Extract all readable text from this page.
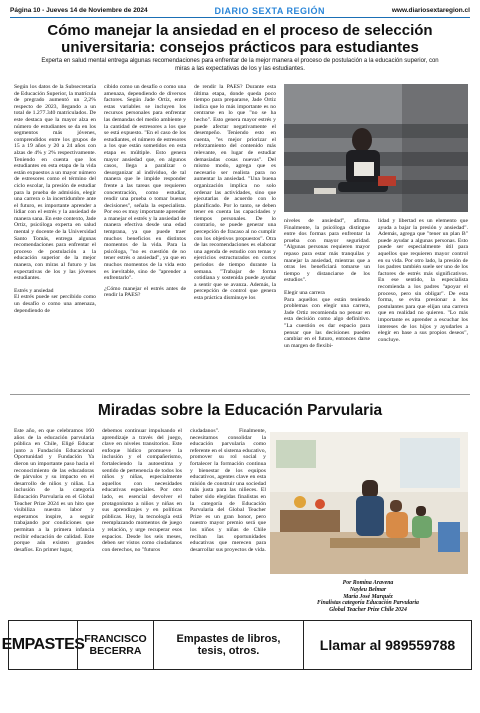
Página 10 - Jueves 14 de Noviembre de 2024	DIARIO SEXTA REGIÓN	www.diariosextaregion.cl
Cómo manejar la ansiedad en el proceso de selección universitaria: consejos prácticos para estudiantes
Experta en salud mental entrega algunas recomendaciones para enfrentar de la mejor manera el proceso de postulación a la educación superior, con miras a las expectativas de los y las estudiantes.

Según los datos de la Subsecretaría de Educación Superior, la matrícula de pregrado aumentó un 2,2% respecto de 2023, llegando a un total de 1.277.340 matriculados. De este destaca que la mayor alza en número de estudiantes se da en los segmentos más jóvenes, comprendidos entre los grupos de 15 a 19 años y 20 a 24 años con alzas de 4% y 2% respectivamente. Teniendo en cuenta que los estudiantes en esta etapa de la vida están expuestos a un mayor número de estresores como el término del ciclo escolar, la presión de estudiar para la prueba de admisión, elegir una carrera o la incertidumbre ante el futuro, es importante aprender a lidiar con el estrés y la ansiedad de manera sana. En este contexto, Jade Ortiz, psicóloga experta en salud mental y docente de la Universidad Santo Tomás, entrega algunas recomendaciones para enfrentar el proceso de postulación a la educación superior de la mejor manera, con miras al futuro y las expectativas de los y las jóvenes estudiantes.

Estrés y ansiedad

El estrés puede ser percibido como un desafío o como una amenaza, dependiendo de

cibido como un desafío o como una amenaza, dependiendo de diversos factores. Según Jade Ortiz, entre estas variables se incluyen los recursos personales para enfrentar las demandas del medio ambiente y la cantidad de estresores a los que se está expuesto. "En el caso de los estudiantes, el número de estresores a los que están sometidos en esta etapa es múltiple. Esto genera mayor ansiedad que, en algunos casos, llega a paralizar o desorganizar al individuo, de tal manera que le impide responder frente a las tareas que requieren concentración, como estudiar, rendir una prueba o tomar buenas decisiones", señala la especialista. Por eso es muy importante aprender a manejar el estrés y la ansiedad de manera efectiva desde una edad temprana, ya que puede traer muchos beneficios en distintos momentos de la vida. Para la psicóloga, "no es cuestión de no tener estrés o ansiedad", ya que en muchos momentos de la vida esto es inevitable, sino de "aprender a enfrentarlo".

¿Cómo manejar el estrés antes de rendir la PAES?

de rendir la PAES? Durante esta última etapa, donde queda poco tiempo para prepararse, Jade Ortiz indica que lo más importante es no centrarse en lo que "no se ha hecho". Esto genera mayor estrés y puede afectar negativamente el desempeño. Teniendo esto en cuenta, "es mejor priorizar el reforzamiento del contenido más relevante, en lugar de estudiar demasiadas cosas nuevas". Del mismo modo, agrega que es necesario ser realista para no aumentar la ansiedad. "Una buena organización implica no solo ordenar las actividades, sino que ejecutarlas de acuerdo con lo planificado. Por lo tanto, se deben tener en cuenta las capacidades y tiempos personales. De lo contrario, se puede generar una percepción de fracaso al no cumplir con los objetivos propuestos". Otra de las recomendaciones es elaborar una agenda de estudio con temas y ejercicios estructurados en cortos periodos de tiempo durante la semana. "Trabajar de forma cotidiana y sostenida puede ayudar a sentir que se avanza. Además, la percepción de control que genera esta práctica disminuye los

niveles de ansiedad", afirma. Finalmente, la psicóloga distingue entre dos formas para enfrentar la prueba con mayor seguridad. "Algunas personas requieren mayor repaso para estar más tranquilas y manejar la ansiedad, mientras que a otras les beneficiará tomarse un tiempo y distanciarse de los estudios".

Elegir una carrera

Para aquellos que están teniendo problemas con elegir una carrera, Jade Ortiz recomienda no pensar en esta decisión como algo definitivo. "La cuestión es dar espacio para pensar que las decisiones pueden cambiar en el futuro, entonces darse un margen de flexibi-

lidad y libertad es un elemento que ayuda a bajar la presión y ansiedad". Además, agrega que "tener un plan B" puede ayudar a algunas personas. Esto puede ser especialmente útil para aquellos que requieren mayor control en su vida. Por otro lado, la presión de los padres también suele ser uno de los factores de estrés más significativos. En ese sentido, la especialista recomienda a los padres "apoyar el proceso, pero sin obligar". De esta forma, se evita presionar a los postulantes para que elijan una carrera que en realidad no quieren. "Lo más importante es aprender a escuchar los intereses de los hijos y ayudarles a elegir en base a sus propios deseos", concluye.

Miradas sobre la Educación Parvularia

Este año, en que celebramos 160 años de la educación parvularia pública en Chile, Eligé Educar junto a Fundación Educacional Oportunidad y Fundación Ya dieron un importante paso hacia el reconocimiento de las educadoras de párvulos y su impacto en el desarrollo de niños y niñas. La inclusión de la categoría Educación Parvularia en el Global Teacher Prize 2024 es un hito que visibiliza nuestra labor y esperamos inspire, a seguir trabajando por condiciones que permitan a la primera infancia recibir educación de calidad. Este porque aún existen grandes desafíos. En primer lugar,

debemos continuar impulsando el aprendizaje a través del juego, clave en niveles transitorios. Este enfoque lúdico promueve la inclusión y el compañerismo, fortaleciendo la autoestima y sentido de pertenencia de todos los niños y niñas, especialmente aquellos con necesidades educativas especiales. Por otro lado, es esencial devolver el protagonismo a niños y niñas en sus aprendizajes y en políticas públicas. Hoy, la tecnología está reemplazando momentos de juego y relación, y urge recuperar esos espacios. Desde los seis meses, deben ser vistos como ciudadanos con derechos, no "futuros

ciudadanos". Finalmente, necesitamos consolidar la educación parvularia como referente en el sistema educativo, promover su rol social y fortalecer la formación continua y bienestar de los equipos educativos, agentes clave en esta misión de construir una sociedad más justa para las niñeces. El haber sido elegidas finalistas en la categoría de Educación Parvularia del Global Teacher Prize es un gran honor, pero nuestro mayor premio será que los niños y niñas de Chile reciban las oportunidades educativas que merecen para desarrollar sus proyectos de vida.

Por Romina Aravena
Nayleu Belmar
María José Marquéz
Finalistas categoría Educación Parvularia
Global Teacher Prize Chile 2024
EMPASTES FRANCISCO
BECERRA
Empastes de libros,
tesis, otros.	Llamar al 989559788
